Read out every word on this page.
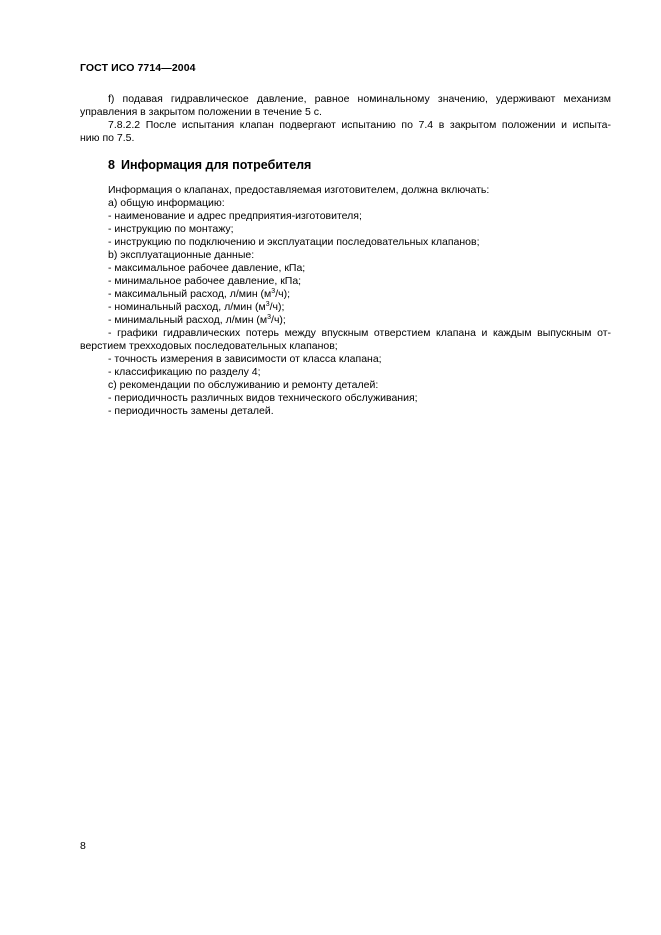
ГОСТ ИСО 7714—2004

f) подавая гидравлическое давление, равное номинальному значению, удерживают механизм

управления в закрытом положении в течение 5 с.

7.8.2.2 После испытания клапан подвергают испытанию по 7.4 в закрытом положении и испыта-

нию по 7.5.

8 Информация для потребителя

Информация о клапанах, предоставляемая изготовителем, должна включать:

а) общую информацию:

- наименование и адрес предприятия-изготовителя;

- инструкцию по монтажу;

- инструкцию по подключению и эксплуатации последовательных клапанов;

b) эксплуатационные данные:

- максимальное рабочее давление, кПа;

- минимальное рабочее давление, кПа;

- максимальный расход, л/мин $(м^3/ч)$;

- номинальный расход, л/мин $(м^3/ч)$;

- минимальный расход, л/мин $(м^3/ч)$;

- графики гидравлических потерь между впускным отверстием клапана и каждым выпускным от-

верстием трехходовых последовательных клапанов;

- точность измерения в зависимости от класса клапана;

- классификацию по разделу 4;

с) рекомендации по обслуживанию и ремонту деталей:

- периодичность различных видов технического обслуживания;

- периодичность замены деталей.

8
